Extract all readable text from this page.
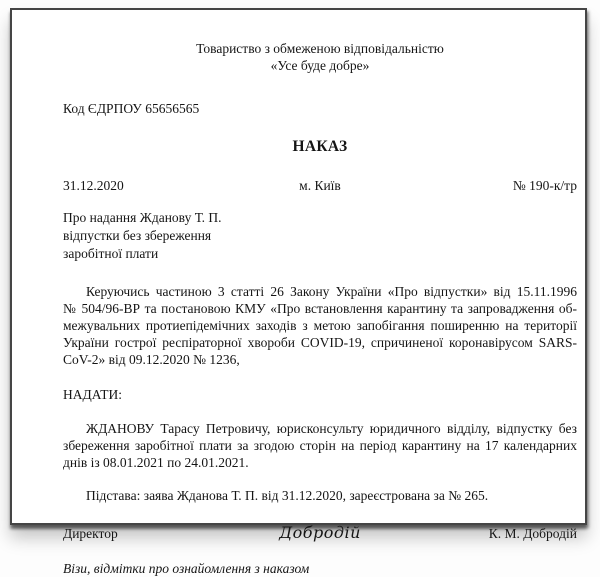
Товариство з обмеженою відповідальністю
«Усе буде добре»
Код ЄДРПОУ 65656565
НАКАЗ
31.12.2020	м. Київ	№ 190-к/тр
Про надання Жданову Т. П.
відпустки без збереження
заробітної плати
Керуючись частиною 3 статті 26 Закону України «Про відпустки» від 15.11.1996
№ 504/96-ВР та постановою КМУ «Про встановлення карантину та запровадження об-
межувальних протиепідемічних заходів з метою запобігання поширенню на території
України гострої респіраторної хвороби COVID-19, спричиненої коронавірусом SARS-
CoV-2» від 09.12.2020 № 1236,
НАДАТИ:
ЖДАНОВУ Тарасу Петровичу, юрисконсульту юридичного відділу, відпустку без
збереження заробітної плати за згодою сторін на період карантину на 17 календарних
днів із 08.01.2021 по 24.01.2021.
Підстава: заява Жданова Т. П. від 31.12.2020, зареєстрована за № 265.
Директор	Добродій	К. М. Добродій
Візи, відмітки про ознайомлення з наказом
